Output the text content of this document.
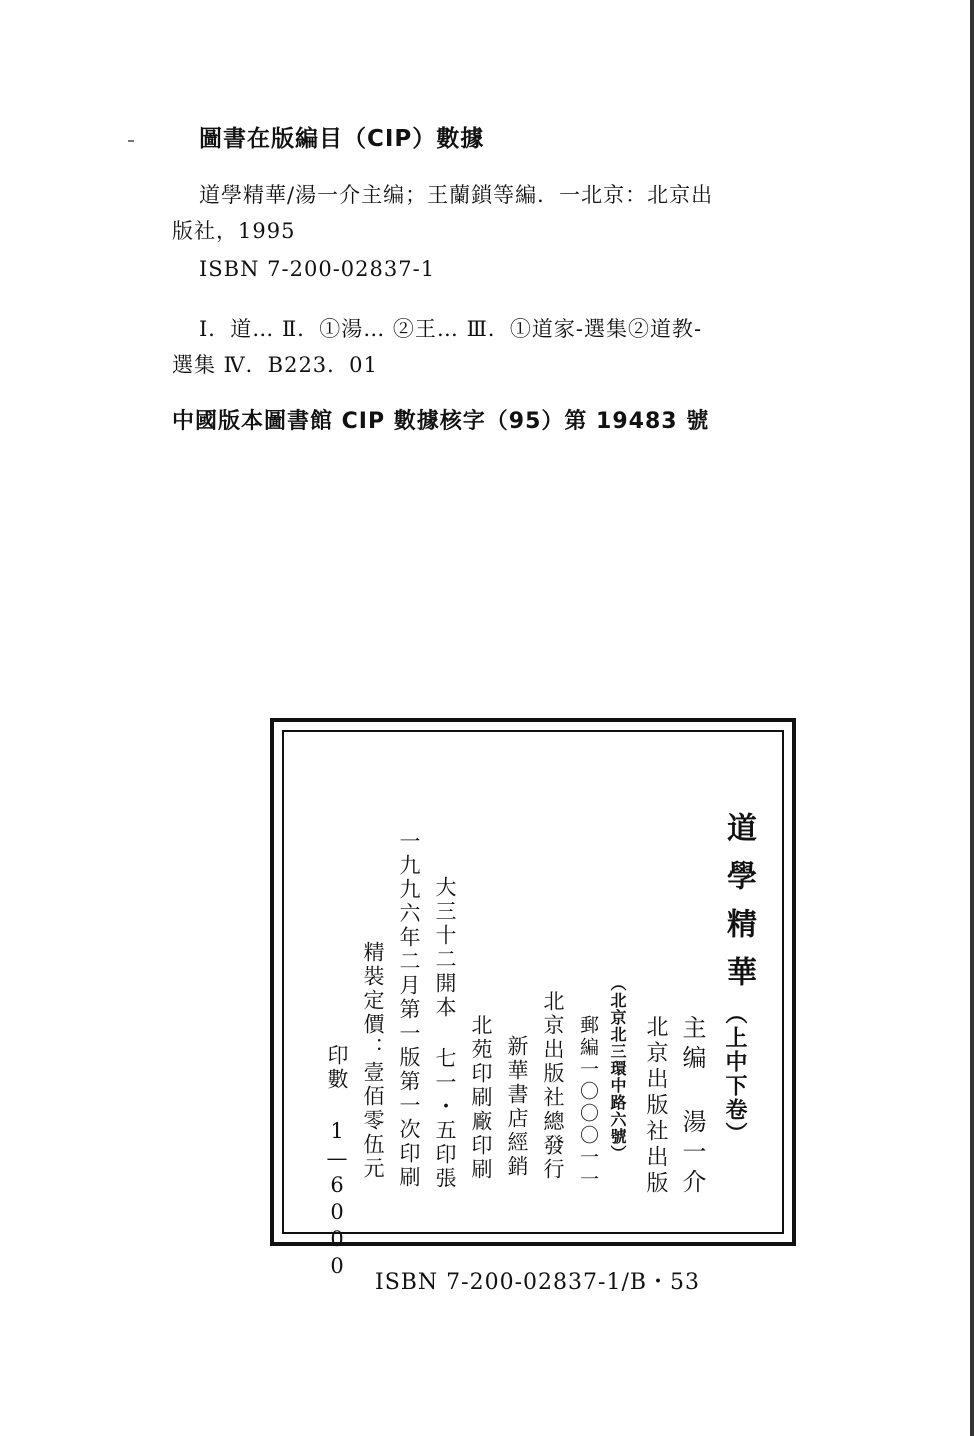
圖書在版編目（CIP）數據
道學精華/湯一介主编；王蘭鎖等編．一北京：北京出
版社，1995
ISBN 7-200-02837-1
Ⅰ．道… Ⅱ．①湯… ②王… Ⅲ．①道家-選集②道教-
選集 Ⅳ．B223．01
中國版本圖書館 CIP 數據核字（95）第 19483 號
道學精華
（上中下卷）
主编 湯一介
北京出版社出版
（北京北三環中路六號）
郵編一〇〇〇一一
北京出版社總發行
新華書店經銷
北苑印刷廠印刷
大三十二開本 七一・五印張
一九九六年二月第一版第一次印刷
精裝定價：壹佰零伍元
印數 1—6000
ISBN 7-200-02837-1/B・53
